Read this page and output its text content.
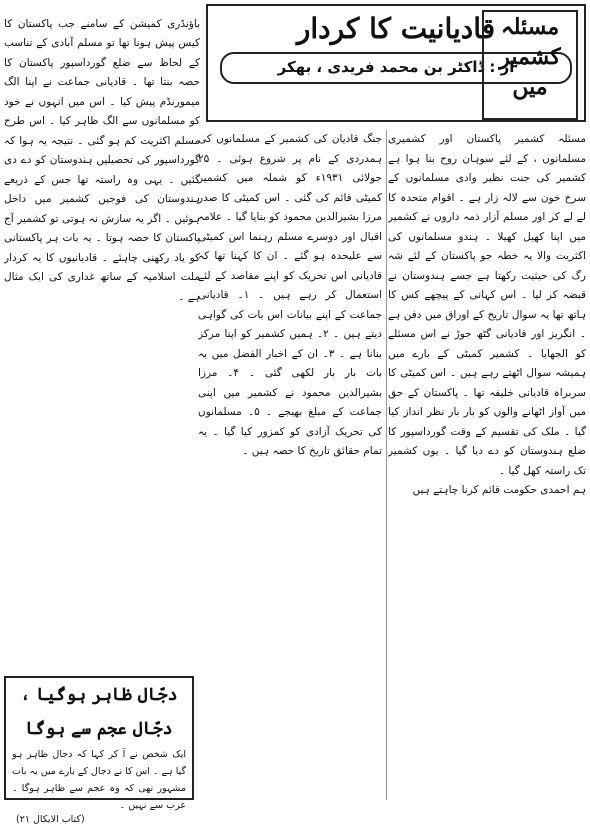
قادیانیت کا کردار
از : ڈاکٹر بن محمد فریدی ، بھکر
مسئلہ کشمیر میں

مسئلہ کشمیر پاکستان اور کشمیری مسلمانوں ، کے لئے سوہان روح بنا ہوا ہے کشمیر کی جنت نظیر وادی مسلمانوں کے سرخ خون سے لالہ زار ہے ۔ اقوام متحدہ کا لے لے کر اور مسلم آزار ذمہ داروں نے کشمیر میں اپنا کھیل کھیلا ۔ ہندو مسلمانوں کی اکثریت والا یہ خطہ جو پاکستان کے لئے شہ رگ کی حیثیت رکھتا ہے جسے ہندوستان نے قبضہ کر لیا ۔ اس کہانی کے پیچھے کس کا ہاتھ تھا یہ سوال تاریخ کے اوراق میں دفن ہے ۔ انگریز اور قادیانی گٹھ جوڑ نے اس مسئلے کو الجھایا ۔ کشمیر کمیٹی کے بارے میں ہمیشہ سوال اٹھتے رہے ہیں ۔ اس کمیٹی کا سربراہ قادیانی خلیفہ تھا ۔ پاکستان کے حق میں آواز اٹھانے والوں کو بار بار نظر انداز کیا گیا ۔ ملک کی تقسیم کے وقت گورداسپور کا ضلع ہندوستان کو دے دیا گیا ۔ یوں کشمیر تک راستہ کھل گیا ۔

ہم احمدی حکومت قائم کرنا چاہتے ہیں

جنگ قادیان کی کشمیر کے مسلمانوں کی ہمدردی کے نام پر شروع ہوئی ۔ ۲۵ جولائی ۱۹۳۱ء کو شملہ میں کشمیر کمیٹی قائم کی گئی ۔ اس کمیٹی کا صدر مرزا بشیرالدین محمود کو بنایا گیا ۔ علامہ اقبال اور دوسرے مسلم رہنما اس کمیٹی سے علیحدہ ہو گئے ۔ ان کا کہنا تھا کہ قادیانی اس تحریک کو اپنے مقاصد کے لئے استعمال کر رہے ہیں ۔ ۱۔ قادیانی جماعت کے اپنے بیانات اس بات کی گواہی دیتے ہیں ۔ ۲۔ ہمیں کشمیر کو اپنا مرکز بنانا ہے ۔ ۳۔ ان کے اخبار الفضل میں یہ بات بار بار لکھی گئی ۔ ۴۔ مرزا بشیرالدین محمود نے کشمیر میں اپنی جماعت کے مبلغ بھیجے ۔ ۵۔ مسلمانوں کی تحریک آزادی کو کمزور کیا گیا ۔ یہ تمام حقائق تاریخ کا حصہ ہیں ۔

باؤنڈری کمیشن کے سامنے جب پاکستان کا کیس پیش ہونا تھا تو مسلم آبادی کے تناسب کے لحاظ سے ضلع گورداسپور پاکستان کا حصہ بنتا تھا ۔ قادیانی جماعت نے اپنا الگ میمورنڈم پیش کیا ۔ اس میں انہوں نے خود کو مسلمانوں سے الگ ظاہر کیا ۔ اس طرح مسلم اکثریت کم ہو گئی ۔ نتیجہ یہ ہوا کہ گورداسپور کی تحصیلیں ہندوستان کو دے دی گئیں ۔ یہی وہ راستہ تھا جس کے ذریعے ہندوستان کی فوجیں کشمیر میں داخل ہوئیں ۔ اگر یہ سازش نہ ہوتی تو کشمیر آج پاکستان کا حصہ ہوتا ۔ یہ بات ہر پاکستانی کو یاد رکھنی چاہئے ۔ قادیانیوں کا یہ کردار ملت اسلامیہ کے ساتھ غداری کی ایک مثال ہے ۔

دجّال ظاہر ہوگیا ، دجّال عجم سے ہوگا
ایک شخص نے آ کر کہا کہ دجال ظاہر ہو گیا ہے ۔ اس کا نے دجال کے بارے میں یہ بات مشہور تھی کہ وہ عجم سے ظاہر ہوگا ۔ عرب سے نہیں ۔
(کتاب الایکال ۲۱)
